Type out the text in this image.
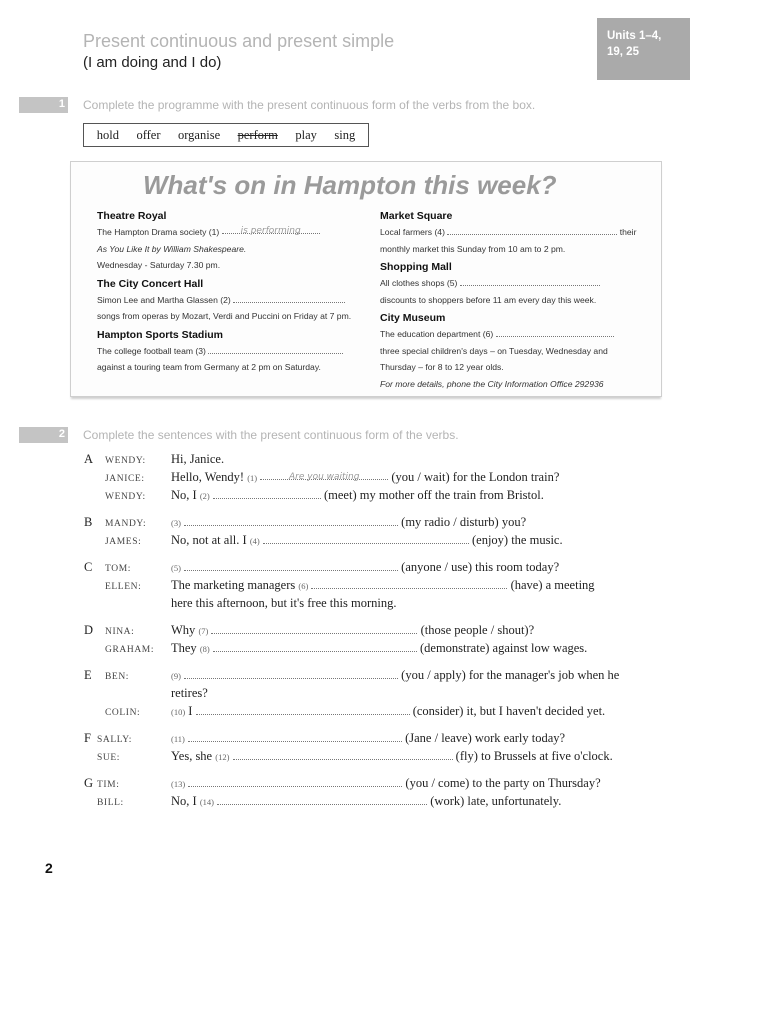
Present continuous and present simple
(I am doing and I do)
Units 1–4,
19, 25
1 Complete the programme with the present continuous form of the verbs from the box.
hold offer organise perform play sing
What's on in Hampton this week?
Theatre Royal
The Hampton Drama society (1) is performing
As You Like It by William Shakespeare.
Wednesday - Saturday 7.30 pm.
The City Concert Hall
Simon Lee and Martha Glassen (2)
songs from operas by Mozart, Verdi and Puccini on Friday at 7 pm.
Hampton Sports Stadium
The college football team (3)
against a touring team from Germany at 2 pm on Saturday.
Market Square
Local farmers (4)	their
monthly market this Sunday from 10 am to 2 pm.
Shopping Mall
All clothes shops (5)
discounts to shoppers before 11 am every day this week.
City Museum
The education department (6)
three special children's days – on Tuesday, Wednesday and
Thursday – for 8 to 12 year olds.
For more details, phone the City Information Office 292936
2 Complete the sentences with the present continuous form of the verbs.
A WENDY: Hi, Janice.
JANICE: Hello, Wendy! (1)	Are you waiting	(you / wait) for the London train?
WENDY: No, I (2)	(meet) my mother off the train from Bristol.
B MANDY:	(3)	(my radio / disturb) you?
JAMES: No, not at all. I (4)	(enjoy) the music.
C TOM:	(5)	(anyone / use) this room today?
ELLEN: The marketing managers (6)	(have) a meeting
here this afternoon, but it's free this morning.
D NINA:	Why (7)	(those people / shout)?
GRAHAM: They (8)	(demonstrate) against low wages.
E BEN:	(9)	(you / apply) for the manager's job when he
retires?
COLIN:	(10) I	(consider) it, but I haven't decided yet.
F SALLY:	(11)	(Jane / leave) work early today?
SUE:	Yes, she (12)	(fly) to Brussels at five o'clock.
G TIM:	(13)	(you / come) to the party on Thursday?
BILL:	No, I (14)	(work) late, unfortunately.
2
